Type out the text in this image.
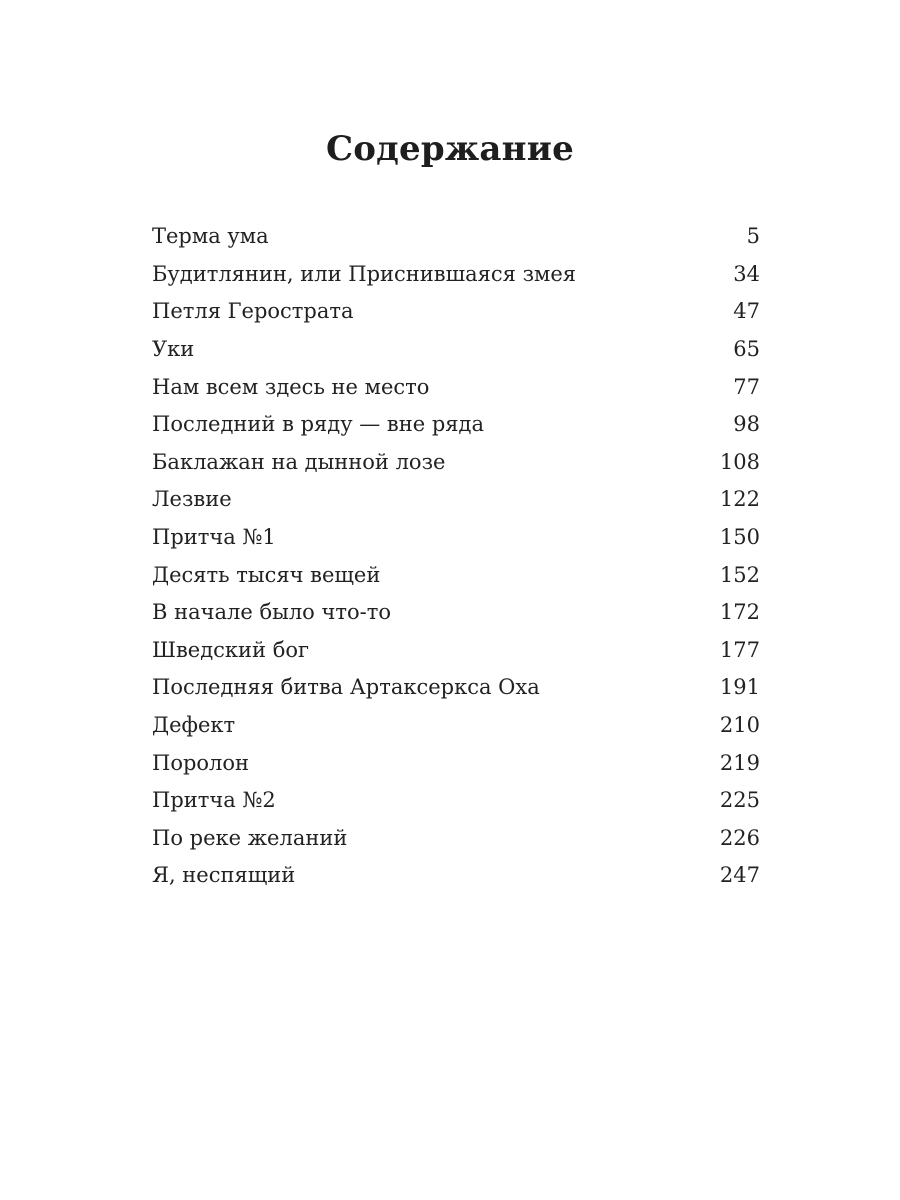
Содержание
Терма ума	5
Будитлянин, или Приснившаяся змея	34
Петля Герострата	47
Уки	65
Нам всем здесь не место	77
Последний в ряду — вне ряда	98
Баклажан на дынной лозе	108
Лезвие	122
Притча №1	150
Десять тысяч вещей	152
В начале было что-то	172
Шведский бог	177
Последняя битва Артаксеркса Оха	191
Дефект	210
Поролон	219
Притча №2	225
По реке желаний	226
Я, неспящий	247
